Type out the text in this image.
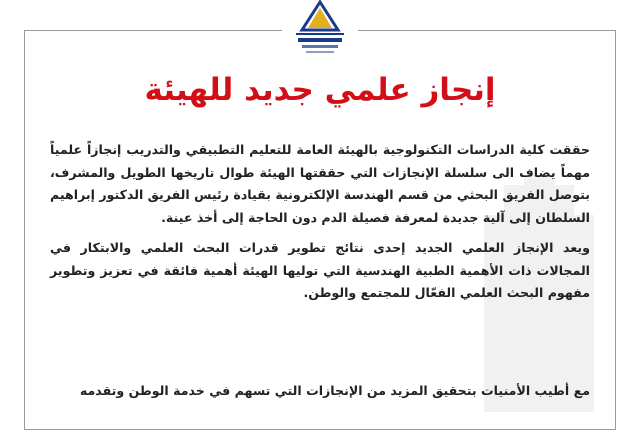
إنجاز علمي جديد للهيئة

حققت كلية الدراسات التكنولوجية بالهيئة العامة للتعليم التطبيقي والتدريب إنجازاً علمياً مهماً يضاف الى سلسلة الإنجازات التي حققتها الهيئة طوال تاريخها الطويل والمشرف، بتوصل الفريق البحثي من قسم الهندسة الإلكترونية بقيادة رئيس الفريق الدكتور إبراهيم السلطان إلى آلية جديدة لمعرفة فصيلة الدم دون الحاجة إلى أخذ عينة.

ويعد الإنجاز العلمي الجديد إحدى نتائج تطوير قدرات البحث العلمي والابتكار في المجالات ذات الأهمية الطبية الهندسية التي توليها الهيئة أهمية فائقة في تعزيز وتطوير مفهوم البحث العلمي الفعّال للمجتمع والوطن.

مع أطيب الأمنيات بتحقيق المزيد من الإنجازات التي تسهم في خدمة الوطن وتقدمه
